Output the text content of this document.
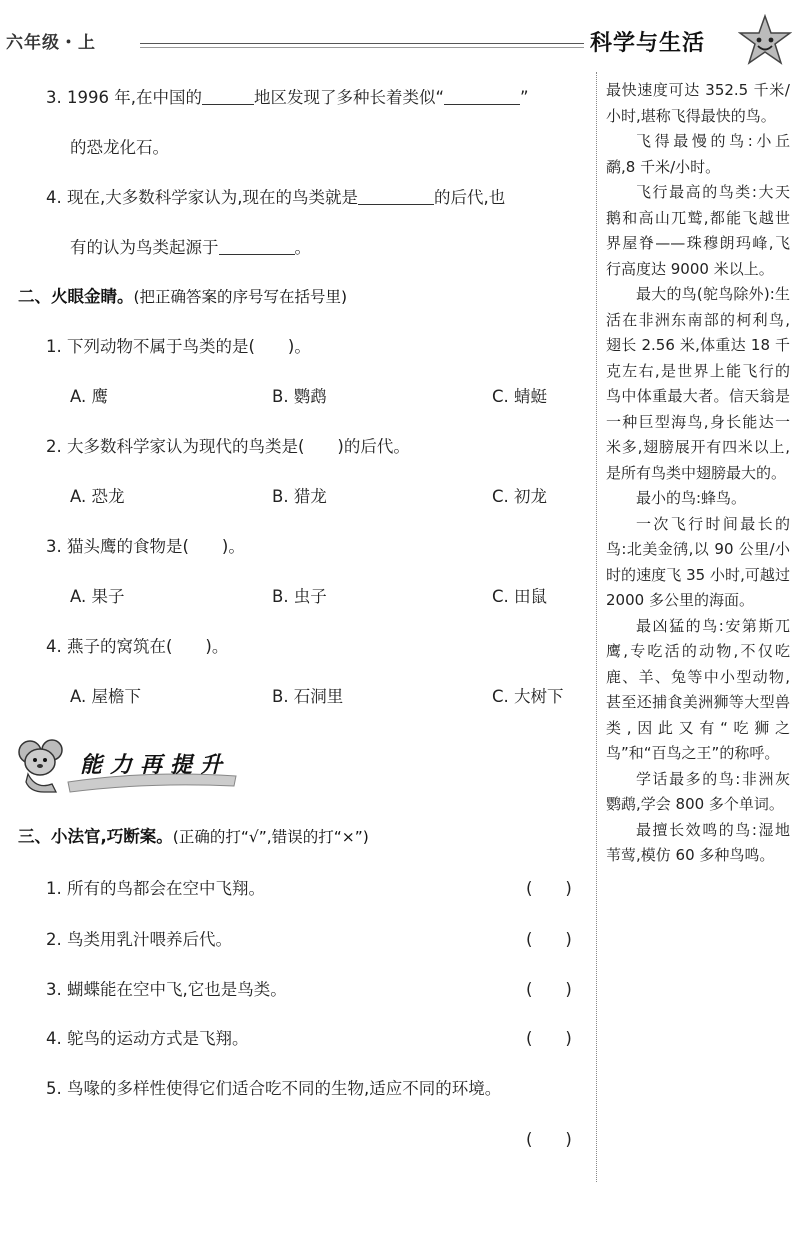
六年级・上	科学与生活
3. 1996 年,在中国的	地区发现了多种长着类似“	”
的恐龙化石。
4. 现在,大多数科学家认为,现在的鸟类就是	的后代,也
有的认为鸟类起源于	。
二、火眼金睛。(把正确答案的序号写在括号里)
1. 下列动物不属于鸟类的是(　　)。
A. 鹰	B. 鹦鹉	C. 蜻蜓
2. 大多数科学家认为现代的鸟类是(　　)的后代。
A. 恐龙	B. 猎龙	C. 初龙
3. 猫头鹰的食物是(　　)。
A. 果子	B. 虫子	C. 田鼠
4. 燕子的窝筑在(　　)。
A. 屋檐下	B. 石洞里	C. 大树下
能力再提升
三、小法官,巧断案。(正确的打“√”,错误的打“×”)
1. 所有的鸟都会在空中飞翔。	(　　)
2. 鸟类用乳汁喂养后代。	(　　)
3. 蝴蝶能在空中飞,它也是鸟类。	(　　)
4. 鸵鸟的运动方式是飞翔。	(　　)
5. 鸟喙的多样性使得它们适合吃不同的生物,适应不同的环境。
(　　)

最快速度可达 352.5 千米/小时,堪称飞得最快的鸟。

飞得最慢的鸟:小丘鹬,8 千米/小时。

飞行最高的鸟类:大天鹅和高山兀鹫,都能飞越世界屋脊——珠穆朗玛峰,飞行高度达 9000 米以上。

最大的鸟(鸵鸟除外):生活在非洲东南部的柯利鸟,翅长 2.56 米,体重达 18 千克左右,是世界上能飞行的鸟中体重最大者。信天翁是一种巨型海鸟,身长能达一米多,翅膀展开有四米以上,是所有鸟类中翅膀最大的。

最小的鸟:蜂鸟。

一次飞行时间最长的鸟:北美金鸻,以 90 公里/小时的速度飞 35 小时,可越过 2000 多公里的海面。

最凶猛的鸟:安第斯兀鹰,专吃活的动物,不仅吃鹿、羊、兔等中小型动物,甚至还捕食美洲狮等大型兽类,因此又有“吃狮之鸟”和“百鸟之王”的称呼。

学话最多的鸟:非洲灰鹦鹉,学会 800 多个单词。

最擅长效鸣的鸟:湿地苇莺,模仿 60 多种鸟鸣。
